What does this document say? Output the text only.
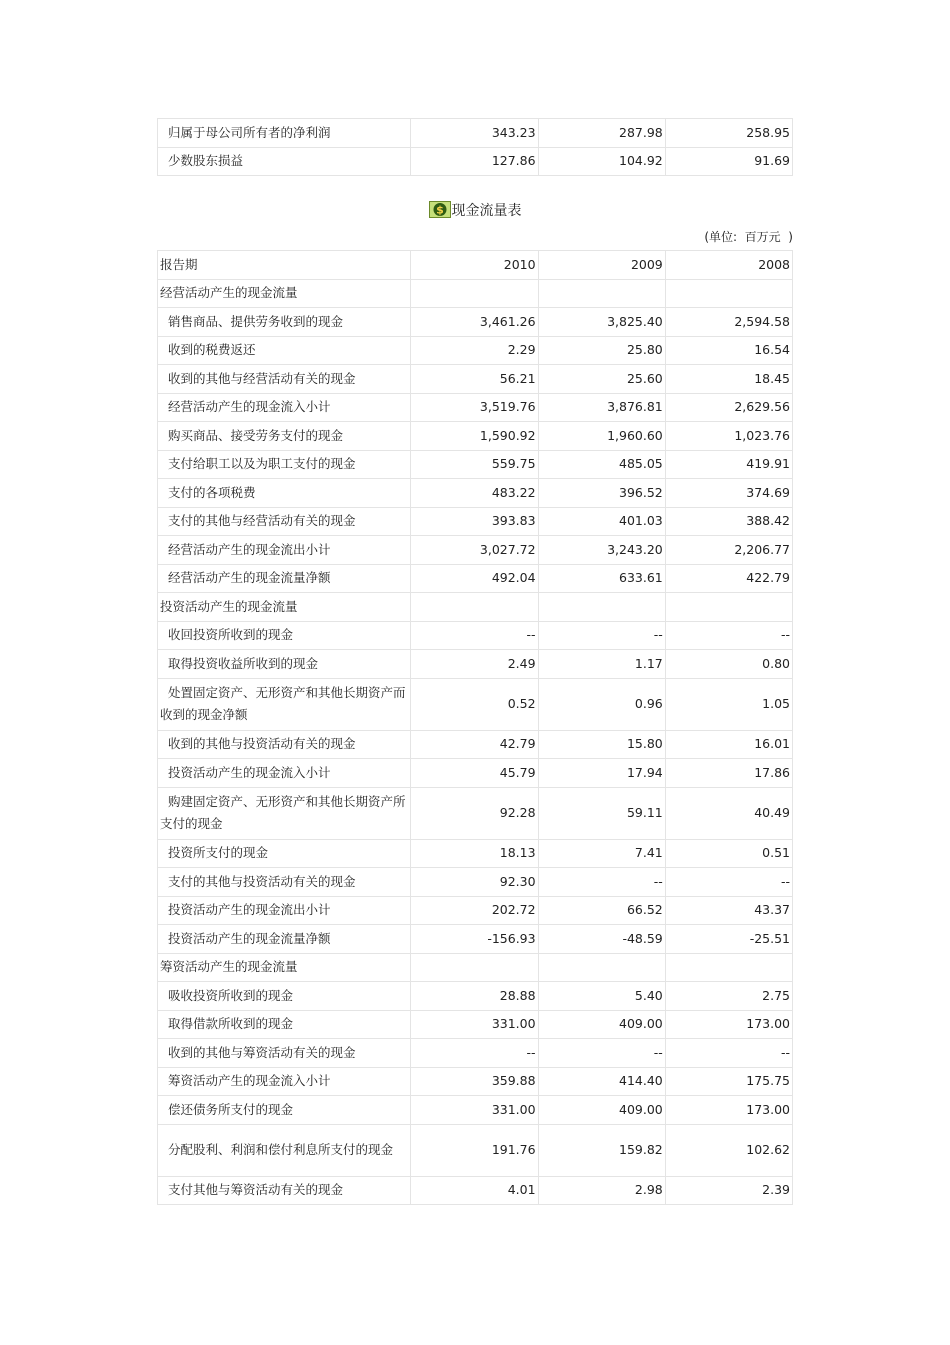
归属于母公司所有者的净利润	343.23	287.98	258.95
少数股东损益	127.86	104.92	91.69
$ 现金流量表
(单位:  百万元  )
报告期	2010	2009	2008
经营活动产生的现金流量			
销售商品、提供劳务收到的现金	3,461.26	3,825.40	2,594.58
收到的税费返还	2.29	25.80	16.54
收到的其他与经营活动有关的现金	56.21	25.60	18.45
经营活动产生的现金流入小计	3,519.76	3,876.81	2,629.56
购买商品、接受劳务支付的现金	1,590.92	1,960.60	1,023.76
支付给职工以及为职工支付的现金	559.75	485.05	419.91
支付的各项税费	483.22	396.52	374.69
支付的其他与经营活动有关的现金	393.83	401.03	388.42
经营活动产生的现金流出小计	3,027.72	3,243.20	2,206.77
经营活动产生的现金流量净额	492.04	633.61	422.79
投资活动产生的现金流量			
收回投资所收到的现金	--	--	--
取得投资收益所收到的现金	2.49	1.17	0.80
处置固定资产、无形资产和其他长期资产而收到的现金净额	0.52	0.96	1.05
收到的其他与投资活动有关的现金	42.79	15.80	16.01
投资活动产生的现金流入小计	45.79	17.94	17.86
购建固定资产、无形资产和其他长期资产所支付的现金	92.28	59.11	40.49
投资所支付的现金	18.13	7.41	0.51
支付的其他与投资活动有关的现金	92.30	--	--
投资活动产生的现金流出小计	202.72	66.52	43.37
投资活动产生的现金流量净额	-156.93	-48.59	-25.51
筹资活动产生的现金流量			
吸收投资所收到的现金	28.88	5.40	2.75
取得借款所收到的现金	331.00	409.00	173.00
收到的其他与筹资活动有关的现金	--	--	--
筹资活动产生的现金流入小计	359.88	414.40	175.75
偿还债务所支付的现金	331.00	409.00	173.00
分配股利、利润和偿付利息所支付的现金	191.76	159.82	102.62
支付其他与筹资活动有关的现金	4.01	2.98	2.39
